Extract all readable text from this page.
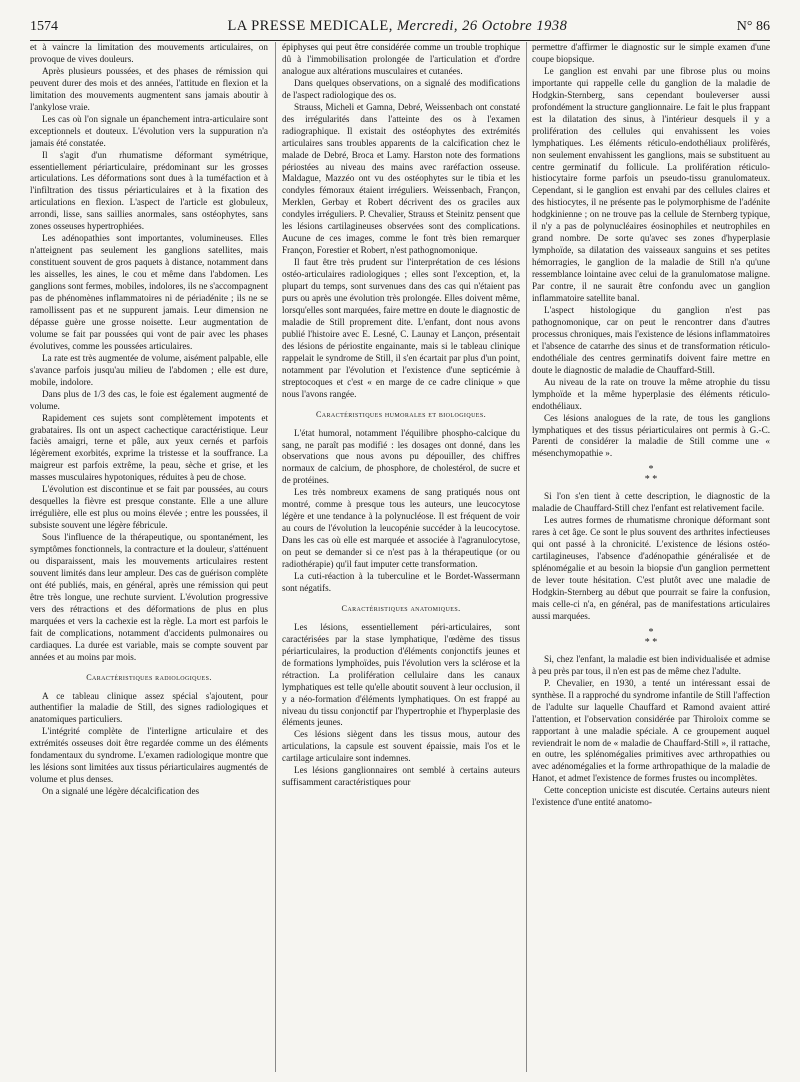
1574	LA PRESSE MEDICALE, Mercredi, 26 Octobre 1938	N° 86

et à vaincre la limitation des mouvements articulaires, on provoque de vives douleurs.

Après plusieurs poussées, et des phases de rémission qui peuvent durer des mois et des années, l'attitude en flexion et la limitation des mouvements augmentent sans jamais aboutir à l'ankylose vraie.

Les cas où l'on signale un épanchement intra-articulaire sont exceptionnels et douteux. L'évolution vers la suppuration n'a jamais été constatée.

Il s'agit d'un rhumatisme déformant symétrique, essentiellement périarticulaire, prédominant sur les grosses articulations. Les déformations sont dues à la tuméfaction et à l'infiltration des tissus périarticulaires et à la fixation des articulations en flexion. L'aspect de l'article est globuleux, arrondi, lisse, sans saillies anormales, sans ostéophytes, sans zones osseuses hypertrophiées.

Les adénopathies sont importantes, volumineuses. Elles n'atteignent pas seulement les ganglions satellites, mais constituent souvent de gros paquets à distance, notamment dans les aisselles, les aines, le cou et même dans l'abdomen. Les ganglions sont fermes, mobiles, indolores, ils ne s'accompagnent pas de phénomènes inflammatoires ni de périadénite ; ils ne se ramollissent pas et ne suppurent jamais. Leur dimension ne dépasse guère une grosse noisette. Leur augmentation de volume se fait par poussées qui vont de pair avec les phases évolutives, comme les poussées articulaires.

La rate est très augmentée de volume, aisément palpable, elle s'avance parfois jusqu'au milieu de l'abdomen ; elle est dure, mobile, indolore.

Dans plus de 1/3 des cas, le foie est également augmenté de volume.

Rapidement ces sujets sont complètement impotents et grabataires. Ils ont un aspect cachectique caractéristique. Leur faciès amaigri, terne et pâle, aux yeux cernés et parfois légèrement exorbités, exprime la tristesse et la souffrance. La maigreur est parfois extrême, la peau, sèche et grise, et les masses musculaires hypotoniques, réduites à peu de chose.

L'évolution est discontinue et se fait par poussées, au cours desquelles la fièvre est presque constante. Elle a une allure irrégulière, elle est plus ou moins élevée ; entre les poussées, il subsiste souvent une légère fébricule.

Sous l'influence de la thérapeutique, ou spontanément, les symptômes fonctionnels, la contracture et la douleur, s'atténuent ou disparaissent, mais les mouvements articulaires restent souvent limités dans leur ampleur. Des cas de guérison complète ont été publiés, mais, en général, après une rémission qui peut être très longue, une rechute survient. L'évolution progressive vers des rétractions et des déformations de plus en plus marquées et vers la cachexie est la règle. La mort est parfois le fait de complications, notamment d'accidents pulmonaires ou cardiaques. La durée est variable, mais se compte souvent par années et au moins par mois.

Caractéristiques radiologiques.

A ce tableau clinique assez spécial s'ajoutent, pour authentifier la maladie de Still, des signes radiologiques et anatomiques particuliers.

L'intégrité complète de l'interligne articulaire et des extrémités osseuses doit être regardée comme un des éléments fondamentaux du syndrome. L'examen radiologique montre que les lésions sont limitées aux tissus périarticulaires augmentés de volume et plus denses.

On a signalé une légère décalcification des

épiphyses qui peut être considérée comme un trouble trophique dû à l'immobilisation prolongée de l'articulation et d'ordre analogue aux altérations musculaires et cutanées.

Dans quelques observations, on a signalé des modifications de l'aspect radiologique des os.

Strauss, Micheli et Gamna, Debré, Weissenbach ont constaté des irrégularités dans l'atteinte des os à l'examen radiographique. Il existait des ostéophytes des extrémités articulaires sans troubles apparents de la calcification chez le malade de Debré, Broca et Lamy. Harston note des formations périostées au niveau des mains avec raréfaction osseuse. Maldague, Mazzéo ont vu des ostéophytes sur le tibia et les condyles fémoraux étaient irréguliers. Weissenbach, Françon, Merklen, Gerbay et Robert décrivent des os graciles aux condyles irréguliers. P. Chevalier, Strauss et Steinitz pensent que les lésions cartilagineuses observées sont des complications. Aucune de ces images, comme le font très bien remarquer Françon, Forestier et Robert, n'est pathognomonique.

Il faut être très prudent sur l'interprétation de ces lésions ostéo-articulaires radiologiques ; elles sont l'exception, et, la plupart du temps, sont survenues dans des cas qui n'étaient pas purs ou après une évolution très prolongée. Elles doivent même, lorsqu'elles sont marquées, faire mettre en doute le diagnostic de maladie de Still proprement dite. L'enfant, dont nous avons publié l'histoire avec E. Lesné, C. Launay et Lançon, présentait des lésions de périostite engainante, mais si le tableau clinique rappelait le syndrome de Still, il s'en écartait par plus d'un point, notamment par l'évolution et l'existence d'une septicémie à streptocoques et c'est « en marge de ce cadre clinique » que nous l'avons rangée.

Caractéristiques humorales et biologiques.

L'état humoral, notamment l'équilibre phospho-calcique du sang, ne paraît pas modifié : les dosages ont donné, dans les observations que nous avons pu dépouiller, des chiffres normaux de calcium, de phosphore, de cholestérol, de sucre et de protéines.

Les très nombreux examens de sang pratiqués nous ont montré, comme à presque tous les auteurs, une leucocytose légère et une tendance à la polynucléose. Il est fréquent de voir au cours de l'évolution la leucopénie succéder à la leucocytose. Dans les cas où elle est marquée et associée à l'agranulocytose, on peut se demander si ce n'est pas à la thérapeutique (or ou radiothérapie) qu'il faut imputer cette transformation.

La cuti-réaction à la tuberculine et le Bordet-Wassermann sont négatifs.

Caractéristiques anatomiques.

Les lésions, essentiellement péri-articulaires, sont caractérisées par la stase lymphatique, l'œdème des tissus périarticulaires, la production d'éléments conjonctifs jeunes et de formations lymphoïdes, puis l'évolution vers la sclérose et la rétraction. La prolifération cellulaire dans les canaux lymphatiques est telle qu'elle aboutit souvent à leur occlusion, il y a néo-formation d'éléments lymphatiques. On est frappé au niveau du tissu conjonctif par l'hypertrophie et l'hyperplasie des éléments jeunes.

Ces lésions siègent dans les tissus mous, autour des articulations, la capsule est souvent épaissie, mais l'os et le cartilage articulaire sont indemnes.

Les lésions ganglionnaires ont semblé à certains auteurs suffisamment caractéristiques pour

permettre d'affirmer le diagnostic sur le simple examen d'une coupe biopsique.

Le ganglion est envahi par une fibrose plus ou moins importante qui rappelle celle du ganglion de la maladie de Hodgkin-Sternberg, sans cependant bouleverser aussi profondément la structure ganglionnaire. Le fait le plus frappant est la dilatation des sinus, à l'intérieur desquels il y a prolifération des cellules qui envahissent les voies lymphatiques. Les éléments réticulo-endothéliaux prolifèrés, non seulement envahissent les ganglions, mais se substituent au centre germinatif du follicule. La prolifération réticulo-histiocytaire forme parfois un pseudo-tissu granulomateux. Cependant, si le ganglion est envahi par des cellules claires et des histiocytes, il ne présente pas le polymorphisme de l'adénite hodgkinienne ; on ne trouve pas la cellule de Sternberg typique, il n'y a pas de polynucléaires éosinophiles et neutrophiles en grand nombre. De sorte qu'avec ses zones d'hyperplasie lymphoïde, sa dilatation des vaisseaux sanguins et ses petites hémorragies, le ganglion de la maladie de Still n'a qu'une ressemblance lointaine avec celui de la granulomatose maligne. Par contre, il ne saurait être confondu avec un ganglion inflammatoire satellite banal.

L'aspect histologique du ganglion n'est pas pathognomonique, car on peut le rencontrer dans d'autres processus chroniques, mais l'existence de lésions inflammatoires et l'absence de catarrhe des sinus et de transformation réticulo-endothéliale des centres germinatifs doivent faire mettre en doute le diagnostic de maladie de Chauffard-Still.

Au niveau de la rate on trouve la même atrophie du tissu lymphoïde et la même hyperplasie des éléments réticulo-endothéliaux.

Ces lésions analogues de la rate, de tous les ganglions lymphatiques et des tissus périarticulaires ont permis à G.-C. Parenti de considérer la maladie de Still comme une « mésenchymopathie ».

*
* *

Si l'on s'en tient à cette description, le diagnostic de la maladie de Chauffard-Still chez l'enfant est relativement facile.

Les autres formes de rhumatisme chronique déformant sont rares à cet âge. Ce sont le plus souvent des arthrites infectieuses qui ont passé à la chronicité. L'existence de lésions ostéo-cartilagineuses, l'absence d'adénopathie généralisée et de splénomégalie et au besoin la biopsie d'un ganglion permettent de lever toute hésitation. C'est plutôt avec une maladie de Hodgkin-Sternberg au début que pourrait se faire la confusion, mais celle-ci n'a, en général, pas de manifestations articulaires aussi marquées.

*
* *

Si, chez l'enfant, la maladie est bien individualisée et admise à peu près par tous, il n'en est pas de même chez l'adulte.

P. Chevalier, en 1930, a tenté un intéressant essai de synthèse. Il a rapproché du syndrome infantile de Still l'affection de l'adulte sur laquelle Chauffard et Ramond avaient attiré l'attention, et l'observation considérée par Thiroloix comme se rapportant à une maladie spéciale. A ce groupement auquel reviendrait le nom de « maladie de Chauffard-Still », il rattache, en outre, les splénomégalies primitives avec arthropathies ou avec adénomégalies et la forme arthropathique de la maladie de Hanot, et admet l'existence de formes frustes ou incomplètes.

Cette conception uniciste est discutée. Certains auteurs nient l'existence d'une entité anatomo-
